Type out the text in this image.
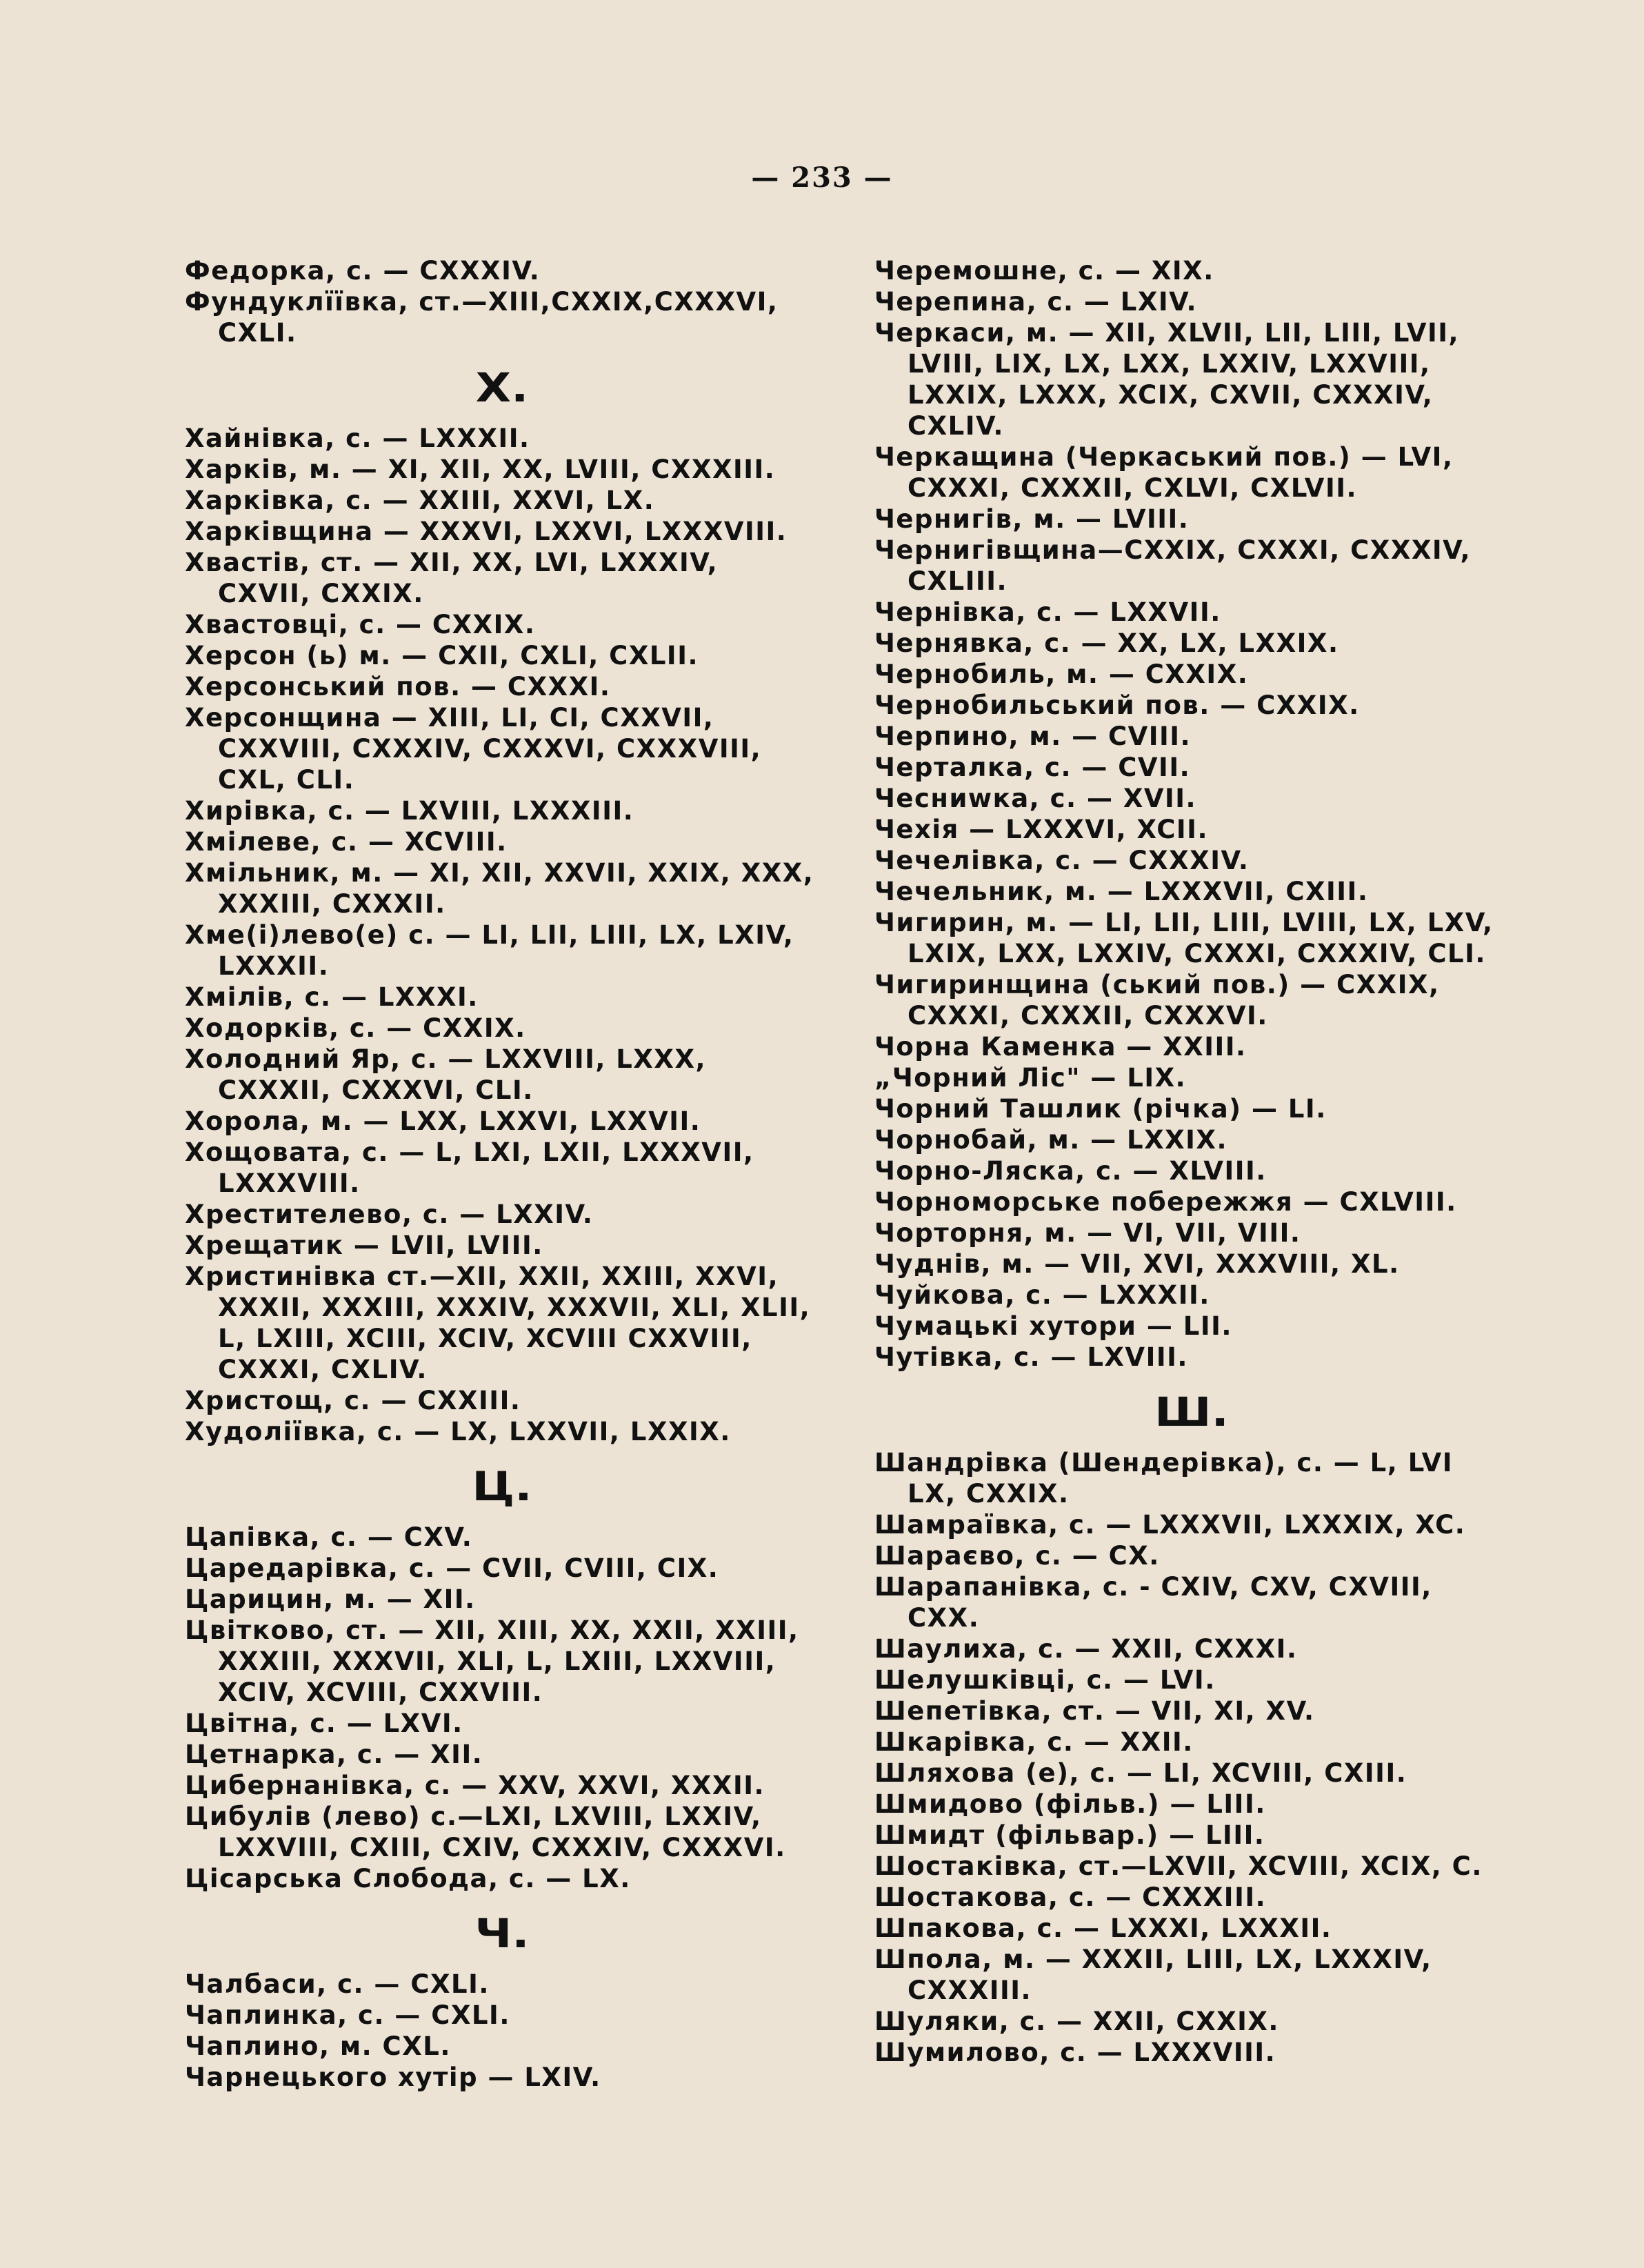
— 233 —
Федорка, с. — CXXXIV.
Фундуклїївка, ст.—XIII,CXXIX,CXXXVI, CXLI.
Х.
Хайнівка, с. — LXXXII.
Харків, м. — XI, XII, XX, LVIII, CXXXIII.
Харківка, с. — XXIII, XXVI, LX.
Харківщина — XXXVI, LXXVI, LXXXVIII.
Хвастів, ст. — XII, XX, LVI, LXXXIV, CXVII, CXXIX.
Хвастовці, с. — CXXIX.
Херсон (ь) м. — CXII, CXLI, CXLII.
Херсонський пов. — CXXXI.
Херсонщина — XIII, LI, CI, CXXVII, CXXVIII, CXXXIV, CXXXVI, CXXXVIII, CXL, CLI.
Хирівка, с. — LXVIII, LXXXIII.
Хмілеве, с. — XCVIII.
Хмільник, м. — XI, XII, XXVII, XXIX, XXX, XXXIII, CXXXII.
Хме(і)лево(е) с. — LI, LII, LIII, LX, LXIV, LXXXII.
Хмілів, с. — LXXXI.
Ходорків, с. — CXXIX.
Холодний Яр, с. — LXXVIII, LXXX, CXXXII, CXXXVI, CLI.
Хорола, м. — LXX, LXXVI, LXXVII.
Хощовата, с. — L, LXI, LXII, LXXXVII, LXXXVIII.
Хрестителево, с. — LXXIV.
Хрещатик — LVII, LVIII.
Христинівка ст.—XII, XXII, XXIII, XXVI, XXXII, XXXIII, XXXIV, XXXVII, XLI, XLII, L, LXIII, XCIII, XCIV, XCVIII CXXVIII, CXXXI, CXLIV.
Христощ, с. — CXXIII.
Худоліївка, с. — LX, LXXVII, LXXIX.
Ц.
Цапівка, с. — CXV.
Царедарівка, с. — CVII, CVIII, CIX.
Царицин, м. — XII.
Цвітково, ст. — XII, XIII, XX, XXII, XXIII, XXXIII, XXXVII, XLI, L, LXIII, LXXVIII, XCIV, XCVIII, CXXVIII.
Цвітна, с. — LXVI.
Цетнарка, с. — XII.
Цибернанівка, с. — XXV, XXVI, XXXII.
Цибулів (лево) с.—LXI, LXVIII, LXXIV, LXXVIII, CXIII, CXIV, CXXXIV, CXXXVI.
Цісарська Слобода, с. — LX.
Ч.
Чалбаси, с. — CXLI.
Чаплинка, с. — CXLI.
Чаплино, м. CXL.
Чарнецького хутір — LXIV.
Черемошне, с. — XIX.
Черепина, с. — LXIV.
Черкаси, м. — XII, XLVII, LII, LIII, LVII, LVIII, LIX, LX, LXX, LXXIV, LXXVIII, LXXIX, LXXX, XCIX, CXVII, CXXXIV, CXLIV.
Черкащина (Черкаський пов.) — LVI, CXXXI, CXXXII, CXLVI, CXLVII.
Чернигів, м. — LVIII.
Чернигівщина—CXXIX, CXXXI, CXXXIV, CXLIII.
Чернівка, с. — LXXVII.
Чернявка, с. — XX, LX, LXXIX.
Чернобиль, м. — CXXIX.
Чернобильський пов. — CXXIX.
Черпино, м. — CVIII.
Черталка, с. — CVII.
Чесниwка, с. — XVII.
Чехія — LXXXVI, XCII.
Чечелівка, с. — CXXXIV.
Чечельник, м. — LXXXVII, CXIII.
Чигирин, м. — LI, LII, LIII, LVIII, LX, LXV, LXIX, LXX, LXXIV, CXXXI, CXXXIV, CLI.
Чигиринщина (ський пов.) — CXXIX, CXXXI, CXXXII, CXXXVI.
Чорна Каменка — XXIII.
„Чорний Ліс" — LIX.
Чорний Ташлик (річка) — LI.
Чорнобай, м. — LXXIX.
Чорно-Ляска, с. — XLVIII.
Чорноморське побережжя — CXLVIII.
Чорторня, м. — VI, VII, VIII.
Чуднів, м. — VII, XVI, XXXVIII, XL.
Чуйкова, с. — LXXXII.
Чумацькі хутори — LII.
Чутівка, с. — LXVIII.
Ш.
Шандрівка (Шендерівка), с. — L, LVI LX, CXXIX.
Шамраївка, с. — LXXXVII, LXXXIX, XC.
Шараєво, с. — CX.
Шарапанівка, с. - CXIV, CXV, CXVIII, CXX.
Шаулиха, с. — XXII, CXXXI.
Шелушківці, с. — LVI.
Шепетівка, ст. — VII, XI, XV.
Шкарівка, с. — XXII.
Шляхова (е), с. — LI, XCVIII, CXIII.
Шмидово (фільв.) — LIII.
Шмидт (фільвар.) — LIII.
Шостаківка, ст.—LXVII, XCVIII, XCIX, C.
Шостакова, с. — CXXXIII.
Шпакова, с. — LXXXI, LXXXII.
Шпола, м. — XXXII, LIII, LX, LXXXIV, CXXXIII.
Шуляки, с. — XXII, CXXIX.
Шумилово, с. — LXXXVIII.
